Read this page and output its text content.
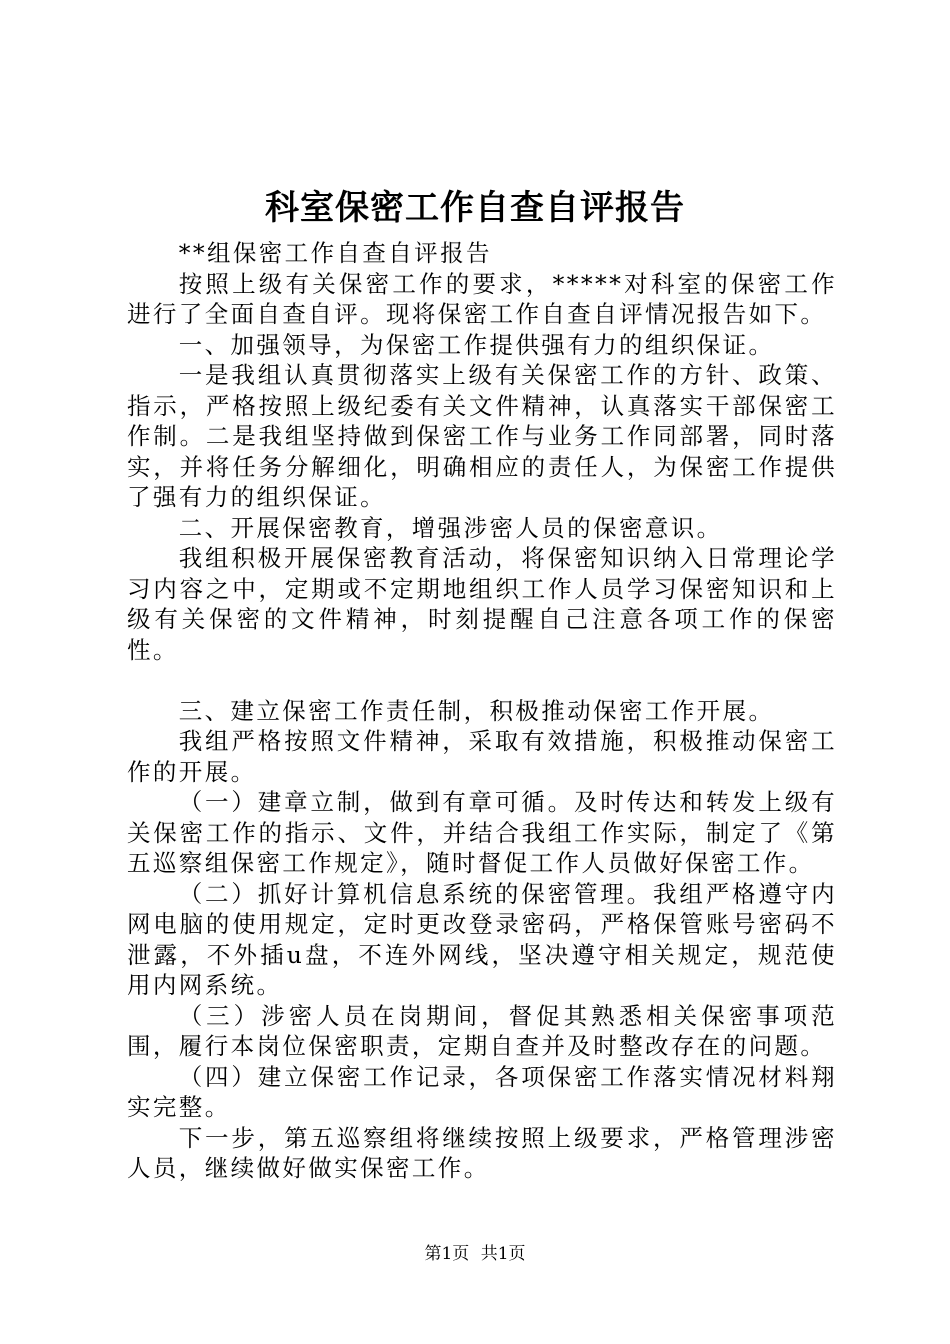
科室保密工作自查自评报告

**组保密工作自查自评报告

按照上级有关保密工作的要求，*****对科室的保密工作进行了全面自查自评。现将保密工作自查自评情况报告如下。

一、加强领导，为保密工作提供强有力的组织保证。

一是我组认真贯彻落实上级有关保密工作的方针、政策、指示，严格按照上级纪委有关文件精神，认真落实干部保密工作制。二是我组坚持做到保密工作与业务工作同部署，同时落实，并将任务分解细化，明确相应的责任人，为保密工作提供了强有力的组织保证。

二、开展保密教育，增强涉密人员的保密意识。

我组积极开展保密教育活动，将保密知识纳入日常理论学习内容之中，定期或不定期地组织工作人员学习保密知识和上级有关保密的文件精神，时刻提醒自己注意各项工作的保密性。

三、建立保密工作责任制，积极推动保密工作开展。

我组严格按照文件精神，采取有效措施，积极推动保密工作的开展。

（一）建章立制，做到有章可循。及时传达和转发上级有关保密工作的指示、文件，并结合我组工作实际，制定了《第五巡察组保密工作规定》，随时督促工作人员做好保密工作。

（二）抓好计算机信息系统的保密管理。我组严格遵守内网电脑的使用规定，定时更改登录密码，严格保管账号密码不泄露，不外插u盘，不连外网线，坚决遵守相关规定，规范使用内网系统。

（三）涉密人员在岗期间，督促其熟悉相关保密事项范围，履行本岗位保密职责，定期自查并及时整改存在的问题。

（四）建立保密工作记录，各项保密工作落实情况材料翔实完整。

下一步，第五巡察组将继续按照上级要求，严格管理涉密人员，继续做好做实保密工作。

第1页 共1页
